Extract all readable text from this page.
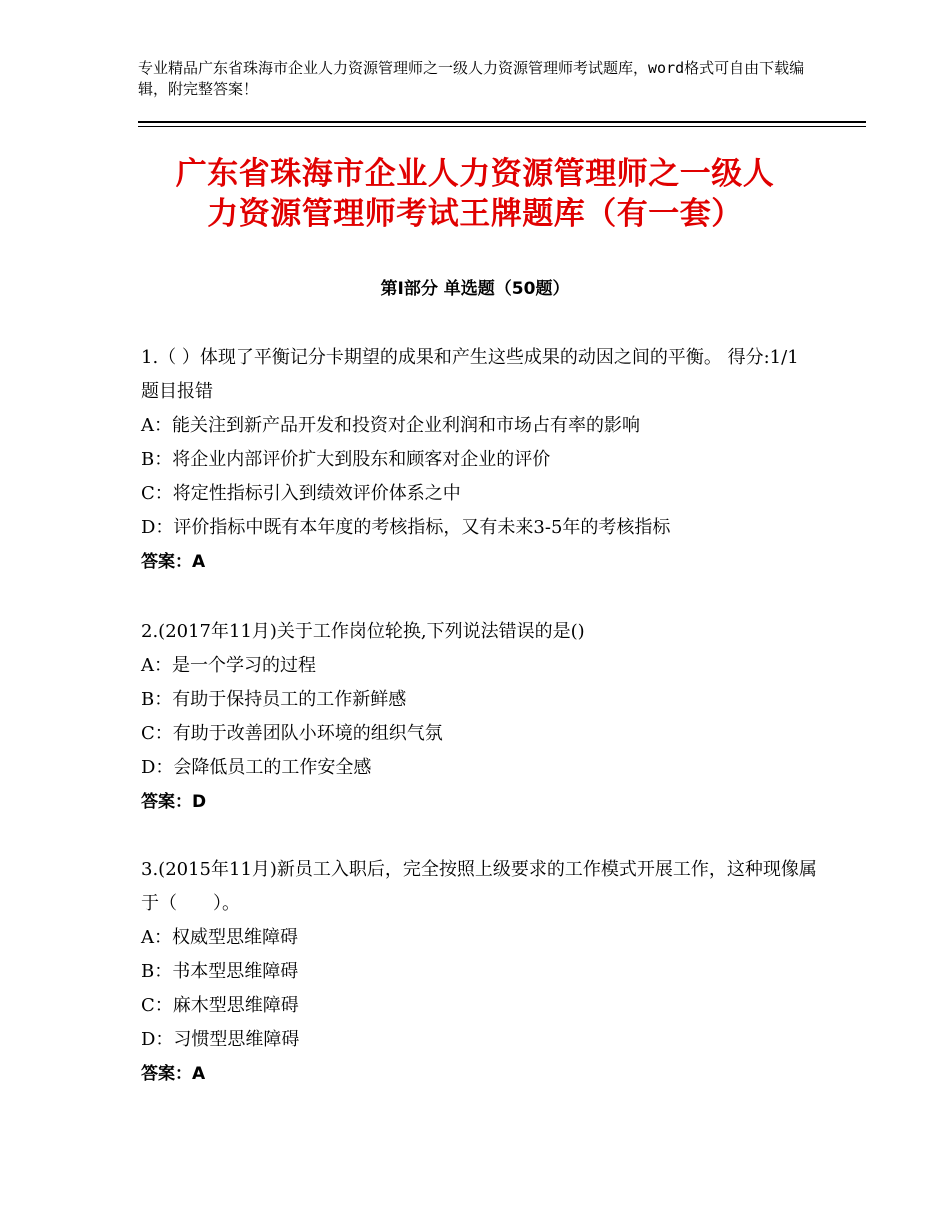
专业精品广东省珠海市企业人力资源管理师之一级人力资源管理师考试题库，word格式可自由下载编辑，附完整答案！
广东省珠海市企业人力资源管理师之一级人
力资源管理师考试王牌题库（有一套）
第Ⅰ部分 单选题（50题）
1.（ ）体现了平衡记分卡期望的成果和产生这些成果的动因之间的平衡。 得分:1/1 题目报错
A：能关注到新产品开发和投资对企业利润和市场占有率的影响
B：将企业内部评价扩大到股东和顾客对企业的评价
C：将定性指标引入到绩效评价体系之中
D：评价指标中既有本年度的考核指标，又有未来3-5年的考核指标
答案：A
2.(2017年11月)关于工作岗位轮换,下列说法错误的是()
A：是一个学习的过程
B：有助于保持员工的工作新鲜感
C：有助于改善团队小环境的组织气氛
D：会降低员工的工作安全感
答案：D
3.(2015年11月)新员工入职后，完全按照上级要求的工作模式开展工作，这种现像属于（　　）。
A：权威型思维障碍
B：书本型思维障碍
C：麻木型思维障碍
D：习惯型思维障碍
答案：A
